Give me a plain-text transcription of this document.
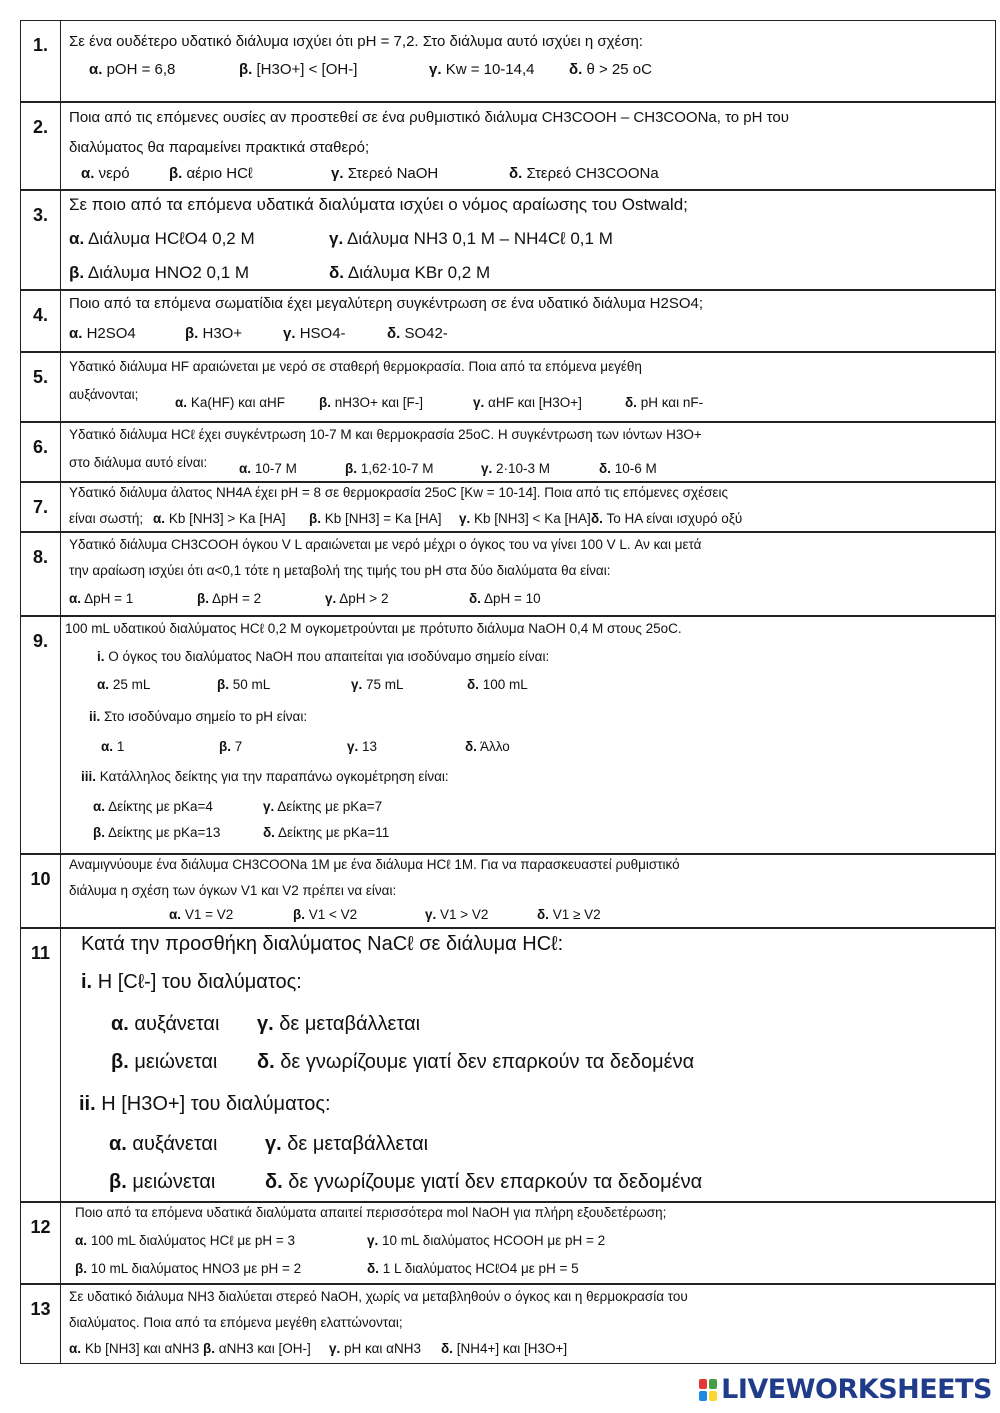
1.	Σε ένα ουδέτερο υδατικό διάλυμα ισχύει ότι pH = 7,2. Στο διάλυμα αυτό ισχύει η σχέση:
α. pOH = 6,8	β. [H3O+] < [OH-]	γ. Kw = 10-14,4 δ. θ > 25 oC
2.	Ποια από τις επόμενες ουσίες αν προστεθεί σε ένα ρυθμιστικό διάλυμα CH3COOH – CH3COONa, το pH του
διαλύματος θα παραμείνει πρακτικά σταθερό;
α. νερό	β. αέριο HCℓ	γ. Στερεό NaOH	δ. Στερεό CH3COONa
3.
Σε ποιο από τα επόμενα υδατικά διαλύματα ισχύει ο νόμος αραίωσης του Ostwald;
α. Διάλυμα HCℓO4 0,2 M	γ. Διάλυμα NH3 0,1 M – NH4Cℓ 0,1 M
β. Διάλυμα HNO2 0,1 M	δ. Διάλυμα KBr 0,2 M
4.
Ποιο από τα επόμενα σωματίδια έχει μεγαλύτερη συγκέντρωση σε ένα υδατικό διάλυμα H2SO4;
α. H2SO4	β. H3O+	γ. HSO4-	δ. SO42-
5.
Υδατικό διάλυμα HF αραιώνεται με νερό σε σταθερή θερμοκρασία. Ποια από τα επόμενα μεγέθη
αυξάνονται;
α. Ka(HF) και αHF	β. nH3O+ και [F-]	γ. αHF και [H3O+]	δ. pH και nF-
6.
Υδατικό διάλυμα HCℓ έχει συγκέντρωση 10-7 M και θερμοκρασία 25oC. Η συγκέντρωση των ιόντων H3O+
στο διάλυμα αυτό είναι: α. 10-7 M	β. 1,62·10-7 M	γ. 2·10-3 M	δ. 10-6 M
7.
Υδατικό διάλυμα άλατος NH4A έχει pH = 8 σε θερμοκρασία 25oC [Kw = 10-14]. Ποια από τις επόμενες σχέσεις
είναι σωστή; α. Kb [NH3] > Ka [HA] β. Kb [NH3] = Ka [HA] γ. Kb [NH3] < Ka [HA] δ. Το HA είναι ισχυρό οξύ
8.
Υδατικό διάλυμα CH3COOH όγκου V L αραιώνεται με νερό μέχρι ο όγκος του να γίνει 100 V L. Αν και μετά
την αραίωση ισχύει ότι α<0,1 τότε η μεταβολή της τιμής του pH στα δύο διαλύματα θα είναι:
α. ΔpH = 1	β. ΔpH = 2	γ. ΔpH > 2	δ. ΔpH = 10
9.
100 mL υδατικού διαλύματος HCℓ 0,2 M ογκομετρούνται με πρότυπο διάλυμα NaOH 0,4 M στους 25oC.
i. Ο όγκος του διαλύματος NaOH που απαιτείται για ισοδύναμο σημείο είναι:
α. 25 mL	β. 50 mL	γ. 75 mL	δ. 100 mL
ii. Στο ισοδύναμο σημείο το pH είναι:
α. 1	β. 7	γ. 13	δ. Άλλο
iii. Κατάλληλος δείκτης για την παραπάνω ογκομέτρηση είναι:
α. Δείκτης με pKa=4	γ. Δείκτης με pKa=7
β. Δείκτης με pKa=13	δ. Δείκτης με pKa=11
10
Αναμιγνύουμε ένα διάλυμα CH3COONa 1M με ένα διάλυμα HCℓ 1M. Για να παρασκευαστεί ρυθμιστικό
διάλυμα η σχέση των όγκων V1 και V2 πρέπει να είναι:
α. V1 = V2	β. V1 < V2	γ. V1 > V2	δ. V1 ≥ V2
11	Κατά την προσθήκη διαλύματος NaCℓ σε διάλυμα HCℓ:
i. Η [Cℓ-] του διαλύματος:
α. αυξάνεται γ. δε μεταβάλλεται
β. μειώνεται δ. δε γνωρίζουμε γιατί δεν επαρκούν τα δεδομένα
ii. Η [H3O+] του διαλύματος:
α. αυξάνεται γ. δε μεταβάλλεται
β. μειώνεται δ. δε γνωρίζουμε γιατί δεν επαρκούν τα δεδομένα
12
Ποιο από τα επόμενα υδατικά διαλύματα απαιτεί περισσότερα mol NaOH για πλήρη εξουδετέρωση;
α. 100 mL διαλύματος HCℓ με pH = 3	γ. 10 mL διαλύματος HCOOH με pH = 2
β. 10 mL διαλύματος HNO3 με pH = 2	δ. 1 L διαλύματος HCℓO4 με pH = 5
13
Σε υδατικό διάλυμα NH3 διαλύεται στερεό NaOH, χωρίς να μεταβληθούν ο όγκος και η θερμοκρασία του
διαλύματος. Ποια από τα επόμενα μεγέθη ελαττώνονται;
α. Kb [NH3] και αNH3 β. αNH3 και [OH-] γ. pH και αNH3 δ. [NH4+] και [H3O+]
LIVEWORKSHEETS
